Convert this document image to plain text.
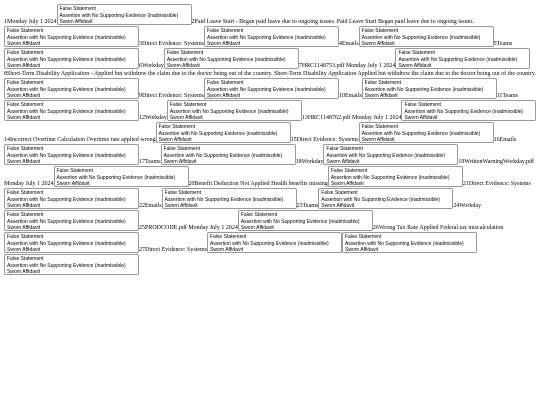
1Monday July 1 2024
False Statement
Assertion with No Supporting Evidence (inadmissible)
Sworn Affidavit	2Paid Leave Start - Began paid leave due to ongoing issues. Paid Leave Start Began paid leave due to ongoing issues.
False Statement
Assertion with No Supporting Evidence (inadmissible)
Sworn Affidavit	3Direct Evidence: Systems
False Statement
Assertion with No Supporting Evidence (inadmissible)
Sworn Affidavit	4Emails
False Statement
Assertion with No Supporting Evidence (inadmissible)
Sworn Affidavit	5Teams
False Statement
Assertion with No Supporting Evidence (inadmissible)
Sworn Affidavit	6Workday
False Statement
Assertion with No Supporting Evidence (inadmissible)
Sworn Affidavit	7HRC1148753.pdf Monday July 1 2024
False Statement
Assertion with No Supporting Evidence (inadmissible)
Sworn Affidavit
8Short-Term Disability Application - Applied but withdrew the claim due to the doctor being out of the country. Short-Term Disability Application Applied but withdrew the claim due to the doctor being out of the country.
False Statement
Assertion with No Supporting Evidence (inadmissible)
Sworn Affidavit	9Direct Evidence: Systems
False Statement
Assertion with No Supporting Evidence (inadmissible)
Sworn Affidavit	10Emails
False Statement
Assertion with No Supporting Evidence (inadmissible)
Sworn Affidavit	11Teams
False Statement
Assertion with No Supporting Evidence (inadmissible)
Sworn Affidavit	12Workday
False Statement
Assertion with No Supporting Evidence (inadmissible)
Sworn Affidavit	13HRC1148762.pdf Monday July 1 2024
False Statement
Assertion with No Supporting Evidence (inadmissible)
Sworn Affidavit
14Incorrect Overtime Calculation Overtime rate applied wrong
False Statement
Assertion with No Supporting Evidence (inadmissible)
Sworn Affidavit	15Direct Evidence: Systems
False Statement
Assertion with No Supporting Evidence (inadmissible)
Sworn Affidavit	16Emails
False Statement
Assertion with No Supporting Evidence (inadmissible)
Sworn Affidavit	17Teams
False Statement
Assertion with No Supporting Evidence (inadmissible)
Sworn Affidavit	18Workday
False Statement
Assertion with No Supporting Evidence (inadmissible)
Sworn Affidavit	19WrittenWarningWorkday.pdf Monday July 1 2024
False Statement
Assertion with No Supporting Evidence (inadmissible)
Sworn Affidavit	20Benefit Deduction Not Applied Health benefits missing
False Statement
Assertion with No Supporting Evidence (inadmissible)
Sworn Affidavit	21Direct Evidence: Systems
False Statement
Assertion with No Supporting Evidence (inadmissible)
Sworn Affidavit	22Emails
False Statement
Assertion with No Supporting Evidence (inadmissible)
Sworn Affidavit	23Teams
False Statement
Assertion with No Supporting Evidence (inadmissible)
Sworn Affidavit	24Workday
False Statement
Assertion with No Supporting Evidence (inadmissible)
Sworn Affidavit	25PRODCODE.pdf Monday July 1 2024
False Statement
Assertion with No Supporting Evidence (inadmissible)
Sworn Affidavit	26Wrong Tax Rate Applied Federal tax miscalculation
False Statement
Assertion with No Supporting Evidence (inadmissible)
Sworn Affidavit	27Direct Evidence: Systems
False Statement
Assertion with No Supporting Evidence (inadmissible)
Sworn Affidavit
False Statement
Assertion with No Supporting Evidence (inadmissible)
Sworn Affidavit
False Statement
Assertion with No Supporting Evidence (inadmissible)
Sworn Affidavit
